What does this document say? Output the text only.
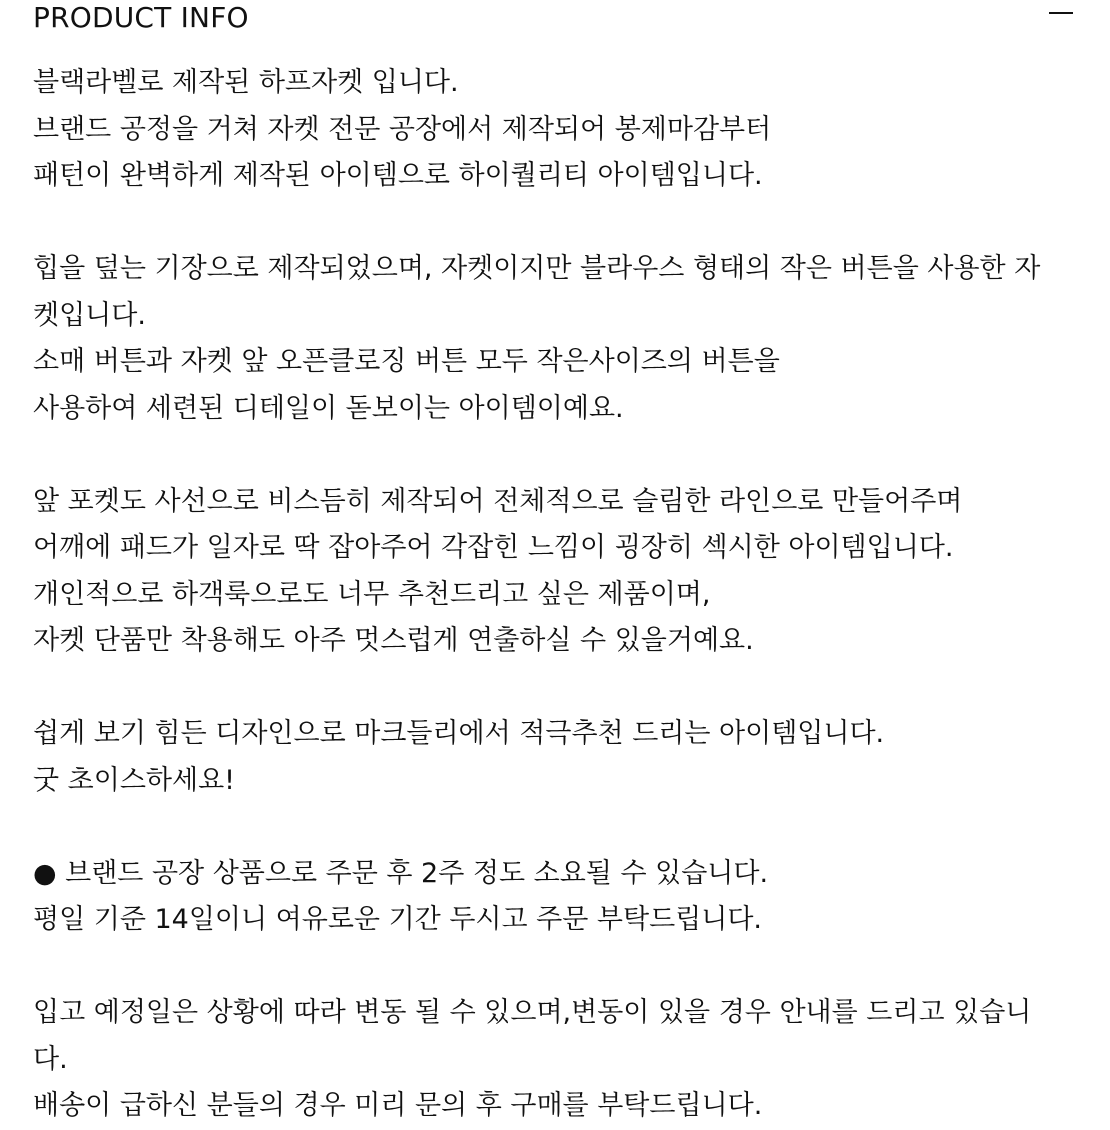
PRODUCT INFO
블랙라벨로 제작된 하프자켓 입니다.
브랜드 공정을 거쳐 자켓 전문 공장에서 제작되어 봉제마감부터
패턴이 완벽하게 제작된 아이템으로 하이퀄리티 아이템입니다.
힙을 덮는 기장으로 제작되었으며, 자켓이지만 블라우스 형태의 작은 버튼을 사용한 자
켓입니다.
소매 버튼과 자켓 앞 오픈클로징 버튼 모두 작은사이즈의 버튼을
사용하여 세련된 디테일이 돋보이는 아이템이예요.
앞 포켓도 사선으로 비스듬히 제작되어 전체적으로 슬림한 라인으로 만들어주며
어깨에 패드가 일자로 딱 잡아주어 각잡힌 느낌이 굉장히 섹시한 아이템입니다.
개인적으로 하객룩으로도 너무 추천드리고 싶은 제품이며,
자켓 단품만 착용해도 아주 멋스럽게 연출하실 수 있을거예요.
쉽게 보기 힘든 디자인으로 마크들리에서 적극추천 드리는 아이템입니다.
굿 초이스하세요!
● 브랜드 공장 상품으로 주문 후 2주 정도 소요될 수 있습니다.
평일 기준 14일이니 여유로운 기간 두시고 주문 부탁드립니다.
입고 예정일은 상황에 따라 변동 될 수 있으며,변동이 있을 경우 안내를 드리고 있습니
다.
배송이 급하신 분들의 경우 미리 문의 후 구매를 부탁드립니다.
